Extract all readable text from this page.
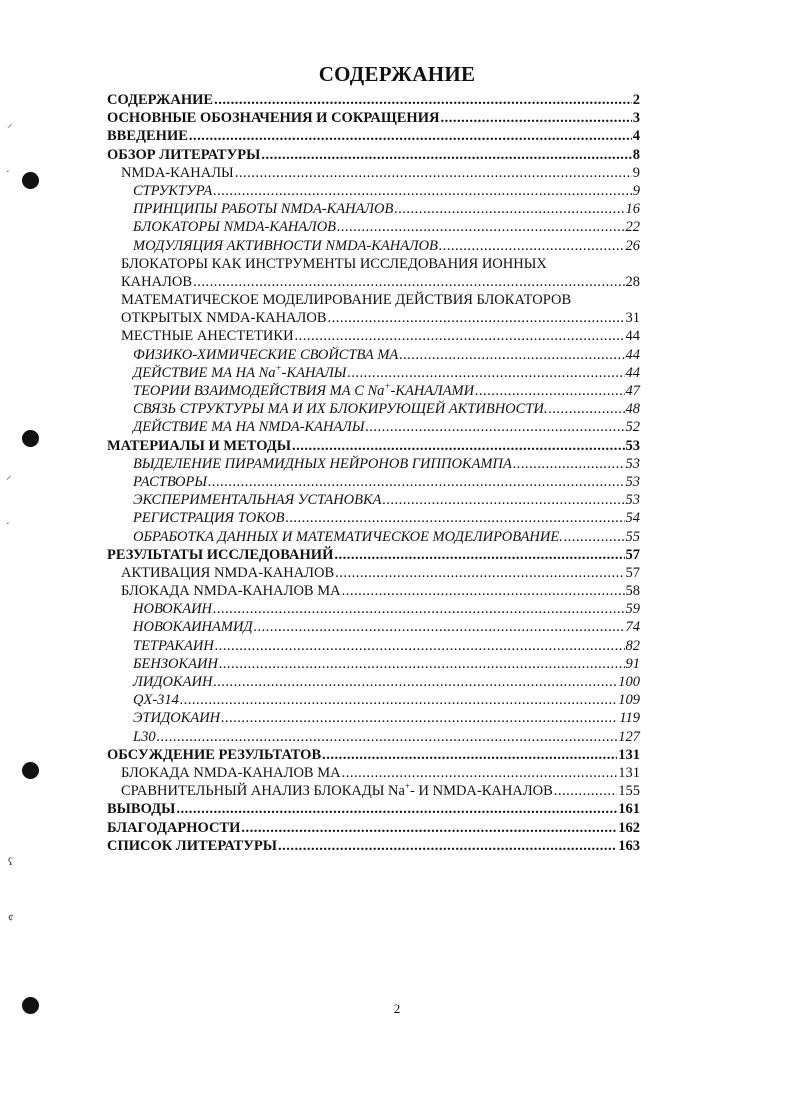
СОДЕРЖАНИЕ
СОДЕРЖАНИЕ .....	2
ОСНОВНЫЕ ОБОЗНАЧЕНИЯ И СОКРАЩЕНИЯ .....	3
ВВЕДЕНИЕ .....	4
ОБЗОР ЛИТЕРАТУРЫ .....	8
NMDA-КАНАЛЫ .....	9
СТРУКТУРА .....	9
ПРИНЦИПЫ РАБОТЫ NMDA-КАНАЛОВ .....	16
БЛОКАТОРЫ NMDA-КАНАЛОВ .....	22
МОДУЛЯЦИЯ АКТИВНОСТИ NMDA-КАНАЛОВ .....	26
БЛОКАТОРЫ КАК ИНСТРУМЕНТЫ ИССЛЕДОВАНИЯ ИОННЫХ
КАНАЛОВ .....	28
МАТЕМАТИЧЕСКОЕ МОДЕЛИРОВАНИЕ ДЕЙСТВИЯ БЛОКАТОРОВ
ОТКРЫТЫХ NMDA-КАНАЛОВ .....	31
МЕСТНЫЕ АНЕСТЕТИКИ .....	44
ФИЗИКО-ХИМИЧЕСКИЕ СВОЙСТВА МА .....	44
ДЕЙСТВИЕ МА НА Na+-КАНАЛЫ .....	44
ТЕОРИИ ВЗАИМОДЕЙСТВИЯ МА С Na+-КАНАЛАМИ .....	47
СВЯЗЬ СТРУКТУРЫ МА И ИХ БЛОКИРУЮЩЕЙ АКТИВНОСТИ. .....	48
ДЕЙСТВИЕ МА НА NMDA-КАНАЛЫ .....	52
МАТЕРИАЛЫ И МЕТОДЫ .....	53
ВЫДЕЛЕНИЕ ПИРАМИДНЫХ НЕЙРОНОВ ГИППОКАМПА .....	53
РАСТВОРЫ .....	53
ЭКСПЕРИМЕНТАЛЬНАЯ УСТАНОВКА .....	53
РЕГИСТРАЦИЯ ТОКОВ .....	54
ОБРАБОТКА ДАННЫХ И МАТЕМАТИЧЕСКОЕ МОДЕЛИРОВАНИЕ. .....	55
РЕЗУЛЬТАТЫ ИССЛЕДОВАНИЙ .....	57
АКТИВАЦИЯ NMDA-КАНАЛОВ .....	57
БЛОКАДА NMDA-КАНАЛОВ МА .....	58
НОВОКАИН .....	59
НОВОКАИНАМИД .....	74
ТЕТРАКАИН .....	82
БЕНЗОКАИН .....	91
ЛИДОКАИН .....	100
QX-314 .....	109
ЭТИДОКАИН .....	119
L30 .....	127
ОБСУЖДЕНИЕ РЕЗУЛЬТАТОВ .....	131
БЛОКАДА NMDA-КАНАЛОВ МА .....	131
СРАВНИТЕЛЬНЫЙ АНАЛИЗ БЛОКАДЫ Na+- И NMDA-КАНАЛОВ .....	155
ВЫВОДЫ .....	161
БЛАГОДАРНОСТИ .....	162
СПИСОК ЛИТЕРАТУРЫ .....	163
2
⸝
·
⸝
·
ʕ
ȼ
